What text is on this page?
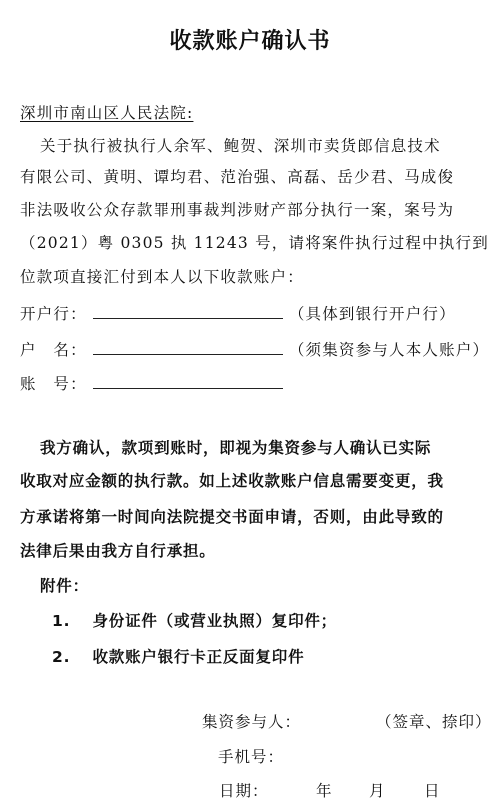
收款账户确认书
深圳市南山区人民法院:
关于执行被执行人余军、鲍贺、深圳市卖货郎信息技术
有限公司、黄明、谭均君、范治强、高磊、岳少君、马成俊
非法吸收公众存款罪刑事裁判涉财产部分执行一案，案号为
（2021）粤 0305 执 11243 号，请将案件执行过程中执行到
位款项直接汇付到本人以下收款账户：
开户行：	（具体到银行开户行）
户　名：	（须集资参与人本人账户）
账　号：
我方确认，款项到账时，即视为集资参与人确认已实际
收取对应金额的执行款。如上述收款账户信息需要变更，我
方承诺将第一时间向法院提交书面申请，否则，由此导致的
法律后果由我方自行承担。
附件：
1. 身份证件（或营业执照）复印件；
2. 收款账户银行卡正反面复印件
集资参与人：	（签章、捺印）
手机号：
日期：	年 月 日
